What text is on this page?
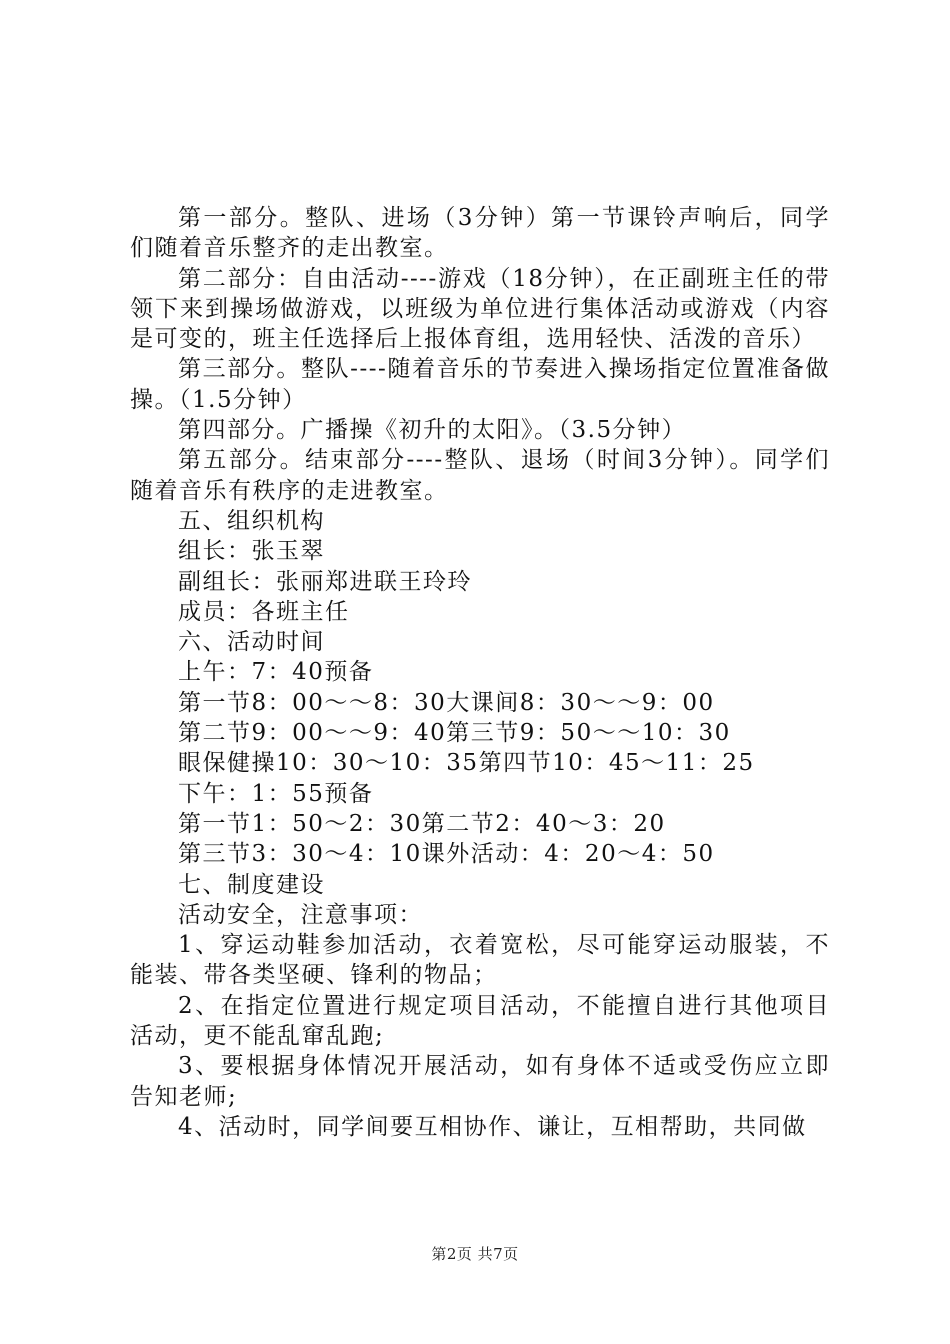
第一部分。整队、进场（3分钟）第一节课铃声响后，同学们随着音乐整齐的走出教室。

第二部分：自由活动----游戏（18分钟），在正副班主任的带领下来到操场做游戏，以班级为单位进行集体活动或游戏（内容是可变的，班主任选择后上报体育组，选用轻快、活泼的音乐）

第三部分。整队----随着音乐的节奏进入操场指定位置准备做操。（1.5分钟）

第四部分。广播操《初升的太阳》。（3.5分钟）

第五部分。结束部分----整队、退场（时间3分钟）。同学们随着音乐有秩序的走进教室。

五、组织机构

组长：张玉翠

副组长：张丽郑进联王玲玲

成员：各班主任

六、活动时间

上午：7：40预备

第一节8：00～～8：30大课间8：30～～9：00

第二节9：00～～9：40第三节9：50～～10：30

眼保健操10：30～10：35第四节10：45～11：25

下午：1：55预备

第一节1：50～2：30第二节2：40～3：20

第三节3：30～4：10课外活动：4：20～4：50

七、制度建设

活动安全，注意事项：

1、穿运动鞋参加活动，衣着宽松，尽可能穿运动服装，不能装、带各类坚硬、锋利的物品；

2、在指定位置进行规定项目活动，不能擅自进行其他项目活动，更不能乱窜乱跑;

3、要根据身体情况开展活动，如有身体不适或受伤应立即告知老师;

4、活动时，同学间要互相协作、谦让，互相帮助，共同做

第2页 共7页
